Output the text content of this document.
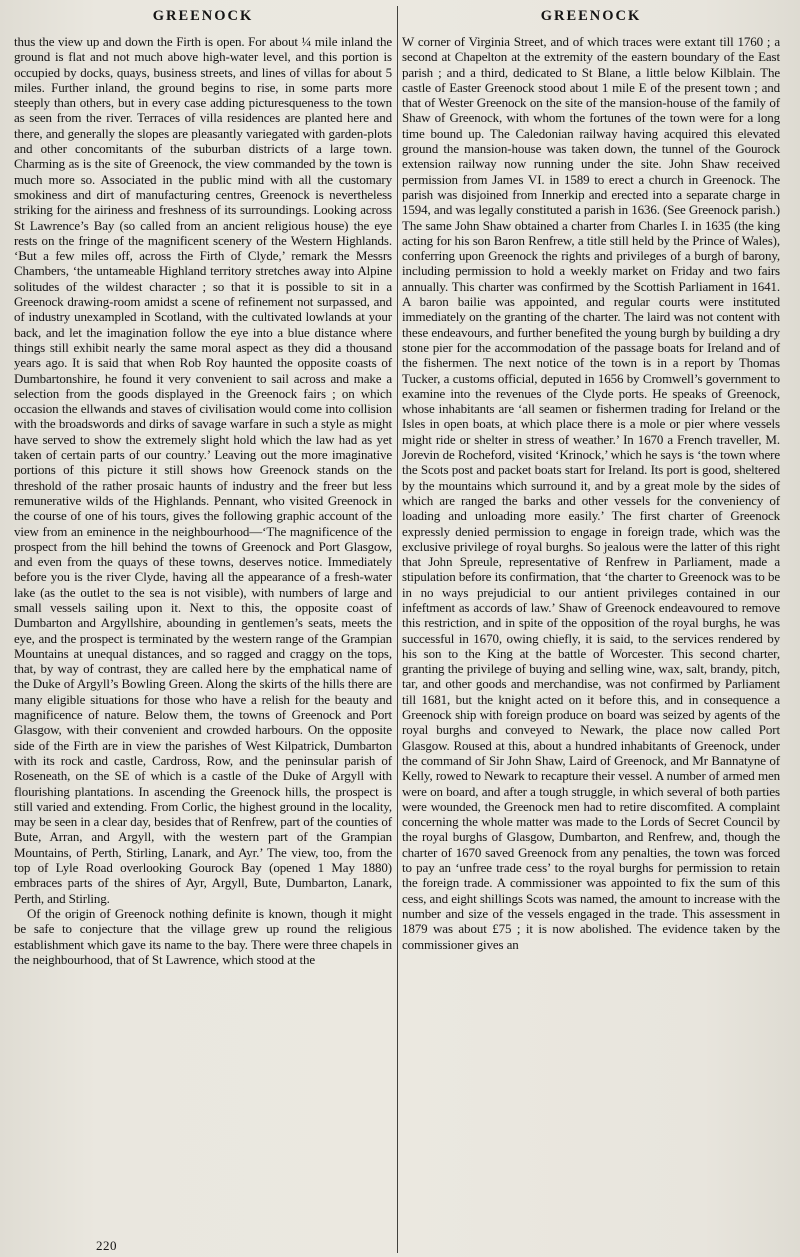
GREENOCK

thus the view up and down the Firth is open. For about ¼ mile inland the ground is flat and not much above high-water level, and this portion is occupied by docks, quays, business streets, and lines of villas for about 5 miles. Further inland, the ground begins to rise, in some parts more steeply than others, but in every case adding picturesqueness to the town as seen from the river. Terraces of villa residences are planted here and there, and generally the slopes are pleasantly variegated with garden-plots and other concomitants of the suburban districts of a large town. Charming as is the site of Greenock, the view commanded by the town is much more so. Associated in the public mind with all the customary smokiness and dirt of manufacturing centres, Greenock is nevertheless striking for the airiness and freshness of its surroundings. Looking across St Lawrence’s Bay (so called from an ancient religious house) the eye rests on the fringe of the magnificent scenery of the Western Highlands. ‘But a few miles off, across the Firth of Clyde,’ remark the Messrs Chambers, ‘the untameable Highland territory stretches away into Alpine solitudes of the wildest character ; so that it is possible to sit in a Greenock drawing-room amidst a scene of refinement not surpassed, and of industry unexampled in Scotland, with the cultivated lowlands at your back, and let the imagination follow the eye into a blue distance where things still exhibit nearly the same moral aspect as they did a thousand years ago. It is said that when Rob Roy haunted the opposite coasts of Dumbartonshire, he found it very convenient to sail across and make a selection from the goods displayed in the Greenock fairs ; on which occasion the ellwands and staves of civilisation would come into collision with the broadswords and dirks of savage warfare in such a style as might have served to show the extremely slight hold which the law had as yet taken of certain parts of our country.’ Leaving out the more imaginative portions of this picture it still shows how Greenock stands on the threshold of the rather prosaic haunts of industry and the freer but less remunerative wilds of the Highlands. Pennant, who visited Greenock in the course of one of his tours, gives the following graphic account of the view from an eminence in the neighbourhood—‘The magnificence of the prospect from the hill behind the towns of Greenock and Port Glasgow, and even from the quays of these towns, deserves notice. Immediately before you is the river Clyde, having all the appearance of a fresh-water lake (as the outlet to the sea is not visible), with numbers of large and small vessels sailing upon it. Next to this, the opposite coast of Dumbarton and Argyllshire, abounding in gentlemen’s seats, meets the eye, and the prospect is terminated by the western range of the Grampian Mountains at unequal distances, and so ragged and craggy on the tops, that, by way of contrast, they are called here by the emphatical name of the Duke of Argyll’s Bowling Green. Along the skirts of the hills there are many eligible situations for those who have a relish for the beauty and magnificence of nature. Below them, the towns of Greenock and Port Glasgow, with their convenient and crowded harbours. On the opposite side of the Firth are in view the parishes of West Kilpatrick, Dumbarton with its rock and castle, Cardross, Row, and the peninsular parish of Roseneath, on the SE of which is a castle of the Duke of Argyll with flourishing plantations. In ascending the Greenock hills, the prospect is still varied and extending. From Corlic, the highest ground in the locality, may be seen in a clear day, besides that of Renfrew, part of the counties of Bute, Arran, and Argyll, with the western part of the Grampian Mountains, of Perth, Stirling, Lanark, and Ayr.’ The view, too, from the top of Lyle Road overlooking Gourock Bay (opened 1 May 1880) embraces parts of the shires of Ayr, Argyll, Bute, Dumbarton, Lanark, Perth, and Stirling.

Of the origin of Greenock nothing definite is known, though it might be safe to conjecture that the village grew up round the religious establishment which gave its name to the bay. There were three chapels in the neighbourhood, that of St Lawrence, which stood at the

GREENOCK

W corner of Virginia Street, and of which traces were extant till 1760 ; a second at Chapelton at the extremity of the eastern boundary of the East parish ; and a third, dedicated to St Blane, a little below Kilblain. The castle of Easter Greenock stood about 1 mile E of the present town ; and that of Wester Greenock on the site of the mansion-house of the family of Shaw of Greenock, with whom the fortunes of the town were for a long time bound up. The Caledonian railway having acquired this elevated ground the mansion-house was taken down, the tunnel of the Gourock extension railway now running under the site. John Shaw received permission from James VI. in 1589 to erect a church in Greenock. The parish was disjoined from Innerkip and erected into a separate charge in 1594, and was legally constituted a parish in 1636. (See Greenock parish.) The same John Shaw obtained a charter from Charles I. in 1635 (the king acting for his son Baron Renfrew, a title still held by the Prince of Wales), conferring upon Greenock the rights and privileges of a burgh of barony, including permission to hold a weekly market on Friday and two fairs annually. This charter was confirmed by the Scottish Parliament in 1641. A baron bailie was appointed, and regular courts were instituted immediately on the granting of the charter. The laird was not content with these endeavours, and further benefited the young burgh by building a dry stone pier for the accommodation of the passage boats for Ireland and of the fishermen. The next notice of the town is in a report by Thomas Tucker, a customs official, deputed in 1656 by Cromwell’s government to examine into the revenues of the Clyde ports. He speaks of Greenock, whose inhabitants are ‘all seamen or fishermen trading for Ireland or the Isles in open boats, at which place there is a mole or pier where vessels might ride or shelter in stress of weather.’ In 1670 a French traveller, M. Jorevin de Rocheford, visited ‘Krinock,’ which he says is ‘the town where the Scots post and packet boats start for Ireland. Its port is good, sheltered by the mountains which surround it, and by a great mole by the sides of which are ranged the barks and other vessels for the conveniency of loading and unloading more easily.’ The first charter of Greenock expressly denied permission to engage in foreign trade, which was the exclusive privilege of royal burghs. So jealous were the latter of this right that John Spreule, representative of Renfrew in Parliament, made a stipulation before its confirmation, that ‘the charter to Greenock was to be in no ways prejudicial to our antient privileges contained in our infeftment as accords of law.’ Shaw of Greenock endeavoured to remove this restriction, and in spite of the opposition of the royal burghs, he was successful in 1670, owing chiefly, it is said, to the services rendered by his son to the King at the battle of Worcester. This second charter, granting the privilege of buying and selling wine, wax, salt, brandy, pitch, tar, and other goods and merchandise, was not confirmed by Parliament till 1681, but the knight acted on it before this, and in consequence a Greenock ship with foreign produce on board was seized by agents of the royal burghs and conveyed to Newark, the place now called Port Glasgow. Roused at this, about a hundred inhabitants of Greenock, under the command of Sir John Shaw, Laird of Greenock, and Mr Bannatyne of Kelly, rowed to Newark to recapture their vessel. A number of armed men were on board, and after a tough struggle, in which several of both parties were wounded, the Greenock men had to retire discomfited. A complaint concerning the whole matter was made to the Lords of Secret Council by the royal burghs of Glasgow, Dumbarton, and Renfrew, and, though the charter of 1670 saved Greenock from any penalties, the town was forced to pay an ‘unfree trade cess’ to the royal burghs for permission to retain the foreign trade. A commissioner was appointed to fix the sum of this cess, and eight shillings Scots was named, the amount to increase with the number and size of the vessels engaged in the trade. This assessment in 1879 was about £75 ; it is now abolished. The evidence taken by the commissioner gives an

220
